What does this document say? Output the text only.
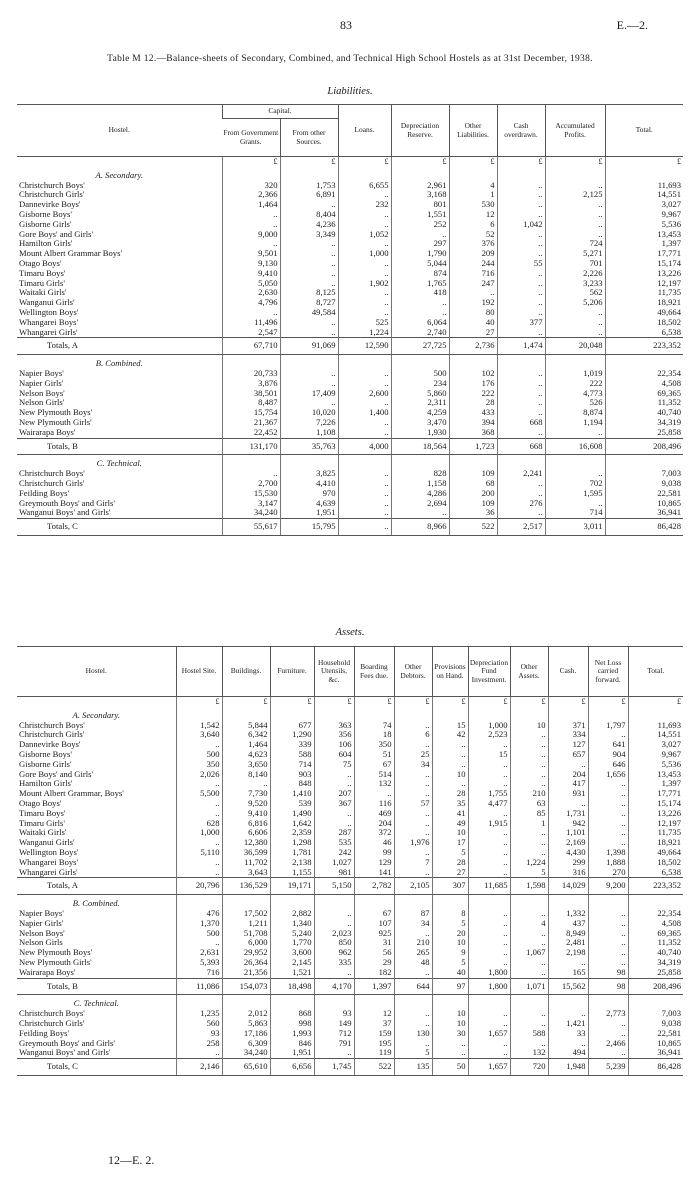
83	E.—2.
Table M 12.—Balance-sheets of Secondary, Combined, and Technical High School Hostels as at 31st December, 1938.
Liabilities.
Hostel.	Capital.		Loans.	Depreciation Reserve.	Other Liabilities.	Cash overdrawn.	Accumulated Profits.	Total.
	From Government Grants.	From other Sources.						
	£	£	£	£	£	£	£	£
A. Secondary.								
Christchurch Boys'	320	1,753	6,655	2,961	4	..	..	11,693
Christchurch Girls'	2,366	6,891	..	3,168	1	..	2,125	14,551
Dannevirke Boys'	1,464	..	232	801	530	..	..	3,027
Gisborne Boys'	..	8,404	..	1,551	12	..	..	9,967
Gisborne Girls'	..	4,236	..	252	6	1,042	..	5,536
Gore Boys' and Girls'	9,000	3,349	1,052	..	52	..	..	13,453
Hamilton Girls'	..	..	..	297	376	..	724	1,397
Mount Albert Grammar Boys'	9,501	..	1,000	1,790	209	..	5,271	17,771
Otago Boys'	9,130	..	..	5,044	244	55	701	15,174
Timaru Boys'	9,410	..	..	874	716	..	2,226	13,226
Timaru Girls'	5,050	..	1,902	1,765	247	..	3,233	12,197
Waitaki Girls'	2,630	8,125	..	418	..	..	562	11,735
Wanganui Girls'	4,796	8,727	..	..	192	..	5,206	18,921
Wellington Boys'	..	49,584	..	..	80	..	..	49,664
Whangarei Boys'	11,496	..	525	6,064	40	377	..	18,502
Whangarei Girls'	2,547	..	1,224	2,740	27	..	..	6,538
Totals, A	67,710	91,069	12,590	27,725	2,736	1,474	20,048	223,352
B. Combined.								
Napier Boys'	20,733	..	..	500	102	..	1,019	22,354
Napier Girls'	3,876	..	..	234	176	..	222	4,508
Nelson Boys'	38,501	17,409	2,600	5,860	222	..	4,773	69,365
Nelson Girls'	8,487	..	..	2,311	28	..	526	11,352
New Plymouth Boys'	15,754	10,020	1,400	4,259	433	..	8,874	40,740
New Plymouth Girls'	21,367	7,226	..	3,470	394	668	1,194	34,319
Wairarapa Boys'	22,452	1,108	..	1,930	368	..	..	25,858
Totals, B	131,170	35,763	4,000	18,564	1,723	668	16,608	208,496
C. Technical.								
Christchurch Boys'	..	3,825	..	828	109	2,241	..	7,003
Christchurch Girls'	2,700	4,410	..	1,158	68	..	702	9,038
Feilding Boys'	15,530	970	..	4,286	200	..	1,595	22,581
Greymouth Boys' and Girls'	3,147	4,639	..	2,694	109	276	..	10,865
Wanganui Boys' and Girls'	34,240	1,951	..	..	36	..	714	36,941
Totals, C	55,617	15,795	..	8,966	522	2,517	3,011	86,428
Assets.
Hostel.	Hostel Site.	Buildings.	Furniture.	Household Utensils, &c.	Boarding Fees due.	Other Debtors.	Provisions on Hand.	Depreciation Fund Investment.	Other Assets.	Cash.	Net Loss carried forward.	Total.
	£	£	£	£	£	£	£	£	£	£	£	£
A. Secondary.												
Christchurch Boys'	1,542	5,844	677	363	74	..	15	1,000	10	371	1,797	11,693
Christchurch Girls'	3,640	6,342	1,290	356	18	6	42	2,523	..	334	..	14,551
Dannevirke Boys'	..	1,464	339	106	350	..	..	..	..	127	641	3,027
Gisborne Boys'	500	4,623	588	604	51	25	..	15	..	657	904	9,967
Gisborne Girls'	350	3,650	714	75	67	34	..	..	..	..	646	5,536
Gore Boys' and Girls'	2,026	8,140	903	..	514	..	10	..	..	204	1,656	13,453
Hamilton Girls'	..	..	848	..	132	..	..	..	..	417	..	1,397
Mount Albert Grammar, Boys'	5,500	7,730	1,410	207	..	..	28	1,755	210	931	..	17,771
Otago Boys'	..	9,520	539	367	116	57	35	4,477	63	..	..	15,174
Timaru Boys'	..	9,410	1,490	..	469	..	41	..	85	1,731	..	13,226
Timaru Girls'	628	6,816	1,642	..	204	..	49	1,915	1	942	..	12,197
Waitaki Girls'	1,000	6,606	2,359	287	372	..	10	..	..	1,101	..	11,735
Wanganui Girls'	..	12,380	1,298	535	46	1,976	17	..	..	2,169	..	18,921
Wellington Boys'	5,110	36,599	1,781	242	99	..	5	..	..	4,430	1,398	49,664
Whangarei Boys'	..	11,702	2,138	1,027	129	7	28	..	1,224	299	1,888	18,502
Whangarei Girls'	..	3,643	1,155	981	141	..	27	..	5	316	270	6,538
Totals, A	20,796	136,529	19,171	5,150	2,782	2,105	307	11,685	1,598	14,029	9,200	223,352
B. Combined.												
Napier Boys'	476	17,502	2,882	..	67	87	8	..	..	1,332	..	22,354
Napier Girls'	1,370	1,211	1,340	..	107	34	5	..	4	437	..	4,508
Nelson Boys'	500	51,708	5,240	2,023	925	..	20	..	..	8,949	..	69,365
Nelson Girls	..	6,000	1,770	850	31	210	10	..	..	2,481	..	11,352
New Plymouth Boys'	2,631	29,952	3,600	962	56	265	9	..	1,067	2,198	..	40,740
New Plymouth Girls'	5,393	26,364	2,145	335	29	48	5	..	..	..	..	34,319
Wairarapa Boys'	716	21,356	1,521	..	182	..	40	1,800	..	165	98	25,858
Totals, B	11,086	154,073	18,498	4,170	1,397	644	97	1,800	1,071	15,562	98	208,496
C. Technical.												
Christchurch Boys'	1,235	2,012	868	93	12	..	10	..	..	..	2,773	7,003
Christchurch Girls'	560	5,863	998	149	37	..	10	..	..	1,421	..	9,038
Feilding Boys'	93	17,186	1,993	712	159	130	30	1,657	588	33	..	22,581
Greymouth Boys' and Girls'	258	6,309	846	791	195	..	..	..	..	..	2,466	10,865
Wanganui Boys' and Girls'	..	34,240	1,951	..	119	5	..	..	132	494	..	36,941
Totals, C	2,146	65,610	6,656	1,745	522	135	50	1,657	720	1,948	5,239	86,428
12—E. 2.
